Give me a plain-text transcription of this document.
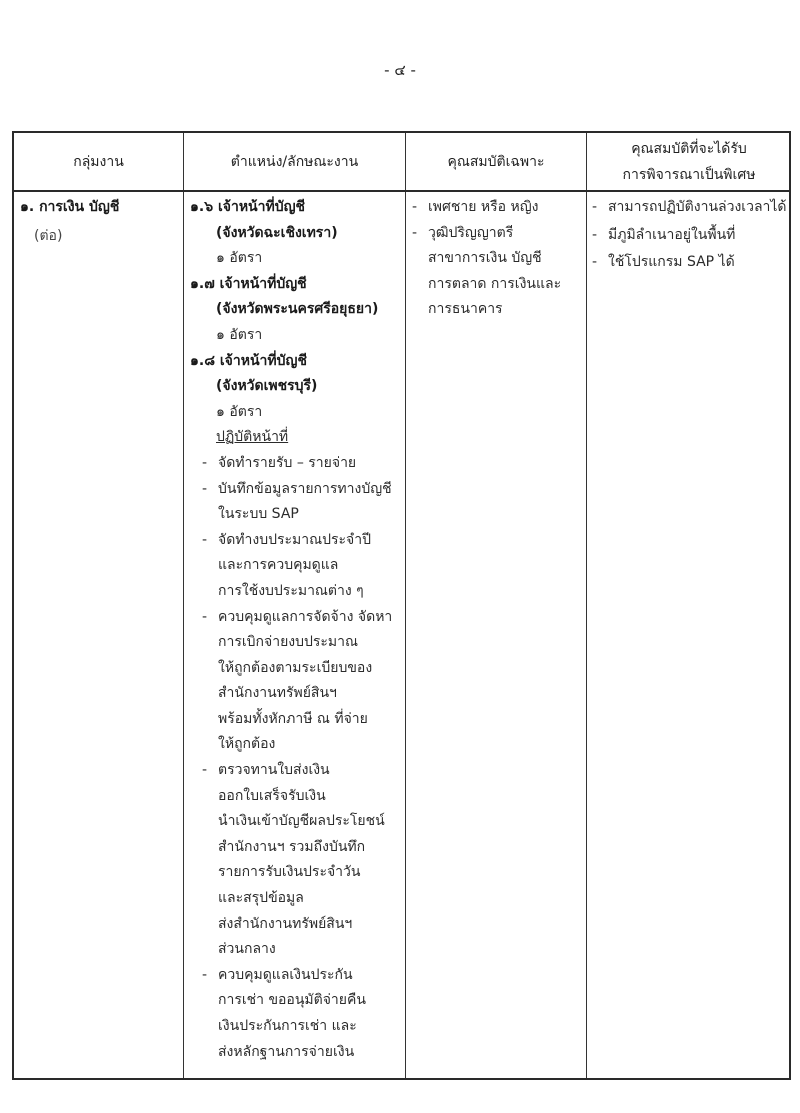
- ๔ -
กลุ่มงาน	ตำแหน่ง/ลักษณะงาน	คุณสมบัติเฉพาะ
คุณสมบัติที่จะได้รับ
การพิจารณาเป็นพิเศษ
๑. การเงิน บัญชี
(ต่อ)
๑.๖ เจ้าหน้าที่บัญชี
(จังหวัดฉะเชิงเทรา)
๑ อัตรา
๑.๗ เจ้าหน้าที่บัญชี
(จังหวัดพระนครศรีอยุธยา)
๑ อัตรา
๑.๘ เจ้าหน้าที่บัญชี
(จังหวัดเพชรบุรี)
๑ อัตรา
ปฏิบัติหน้าที่
- จัดทำรายรับ – รายจ่าย
- บันทึกข้อมูลรายการทางบัญชี
ในระบบ SAP
- จัดทำงบประมาณประจำปี
และการควบคุมดูแล
การใช้งบประมาณต่าง ๆ
- ควบคุมดูแลการจัดจ้าง จัดหา
การเบิกจ่ายงบประมาณ
ให้ถูกต้องตามระเบียบของ
สำนักงานทรัพย์สินฯ
พร้อมทั้งหักภาษี ณ ที่จ่าย
ให้ถูกต้อง
- ตรวจทานใบส่งเงิน
ออกใบเสร็จรับเงิน
นำเงินเข้าบัญชีผลประโยชน์
สำนักงานฯ รวมถึงบันทึก
รายการรับเงินประจำวัน
และสรุปข้อมูล
ส่งสำนักงานทรัพย์สินฯ
ส่วนกลาง
- ควบคุมดูแลเงินประกัน
การเช่า ขออนุมัติจ่ายคืน
เงินประกันการเช่า และ
ส่งหลักฐานการจ่ายเงิน
- เพศชาย หรือ หญิง
- วุฒิปริญญาตรี
สาขาการเงิน บัญชี
การตลาด การเงินและ
การธนาคาร
- สามารถปฏิบัติงานล่วงเวลาได้
- มีภูมิลำเนาอยู่ในพื้นที่
- ใช้โปรแกรม SAP ได้
